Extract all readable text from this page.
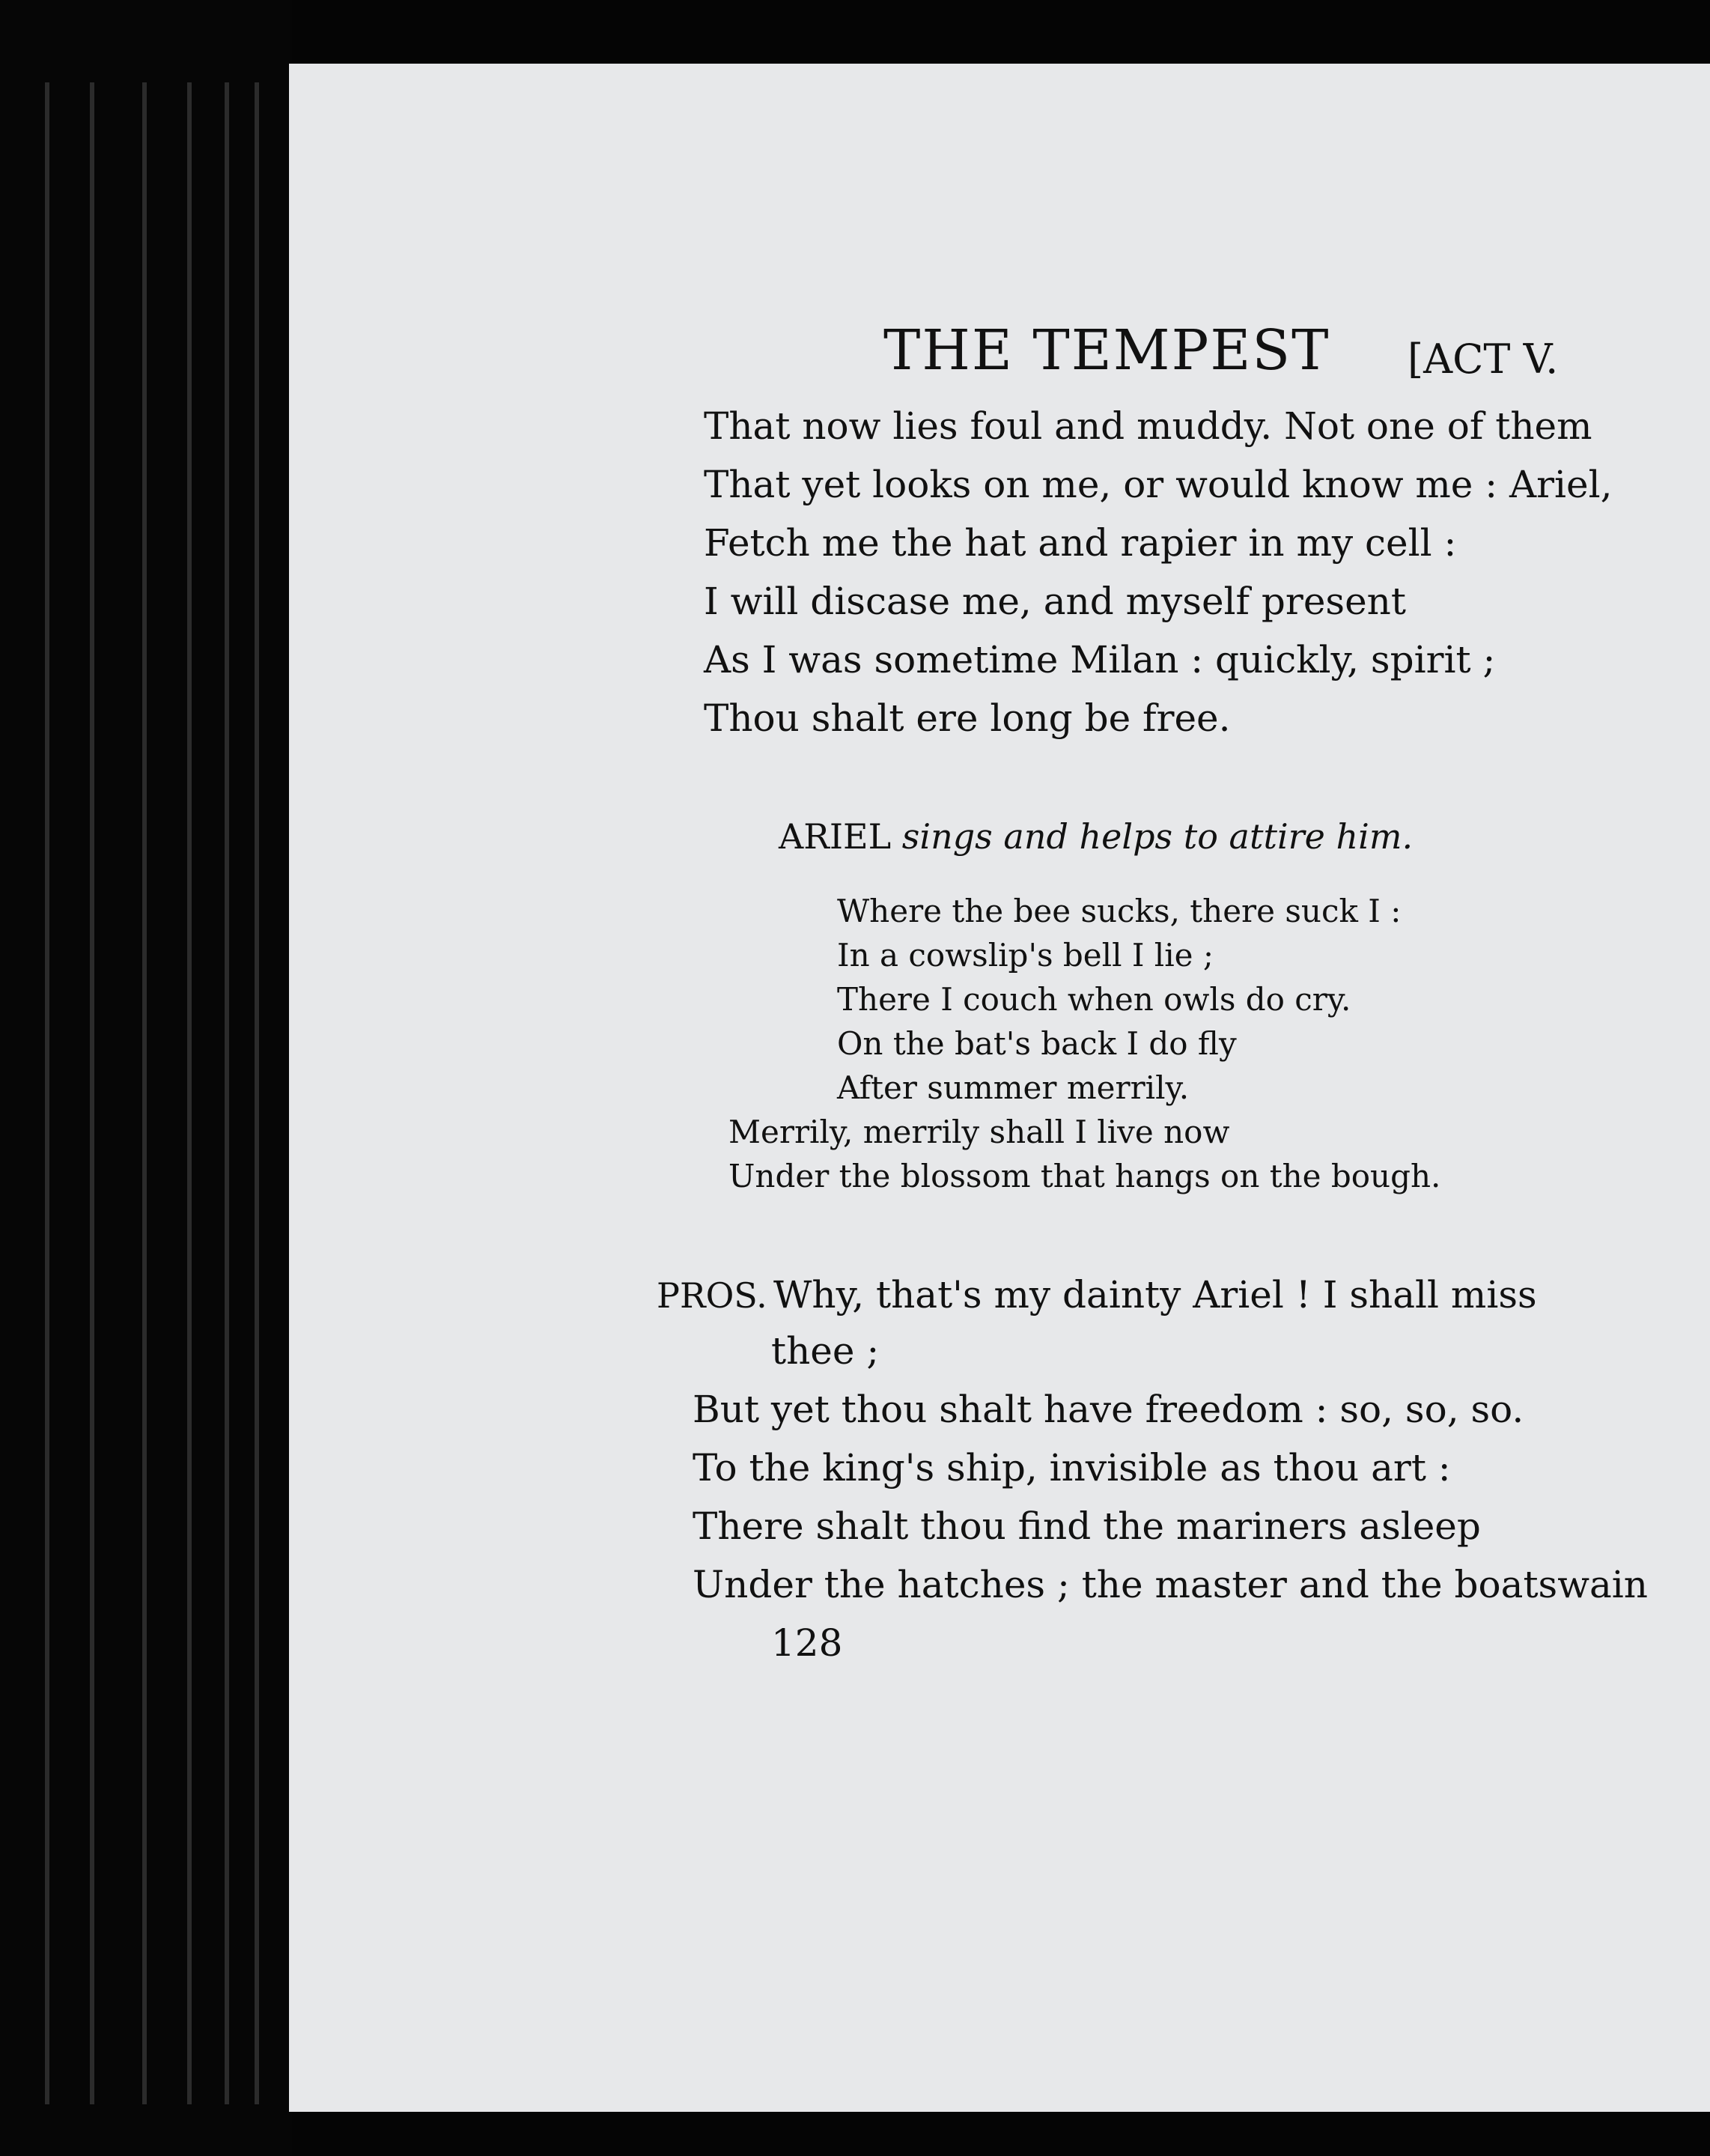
THE TEMPEST [ACT V.
That now lies foul and muddy. Not one of them
That yet looks on me, or would know me : Ariel,
Fetch me the hat and rapier in my cell :
I will discase me, and myself present
As I was sometime Milan : quickly, spirit ;
Thou shalt ere long be free.
ARIEL sings and helps to attire him.
Where the bee sucks, there suck I :
In a cowslip's bell I lie ;
There I couch when owls do cry.
On the bat's back I do fly
After summer merrily.
Merrily, merrily shall I live now
Under the blossom that hangs on the bough.
PROS. Why, that's my dainty Ariel ! I shall miss
thee ;
But yet thou shalt have freedom : so, so, so.
To the king's ship, invisible as thou art :
There shalt thou find the mariners asleep
Under the hatches ; the master and the boatswain
128
